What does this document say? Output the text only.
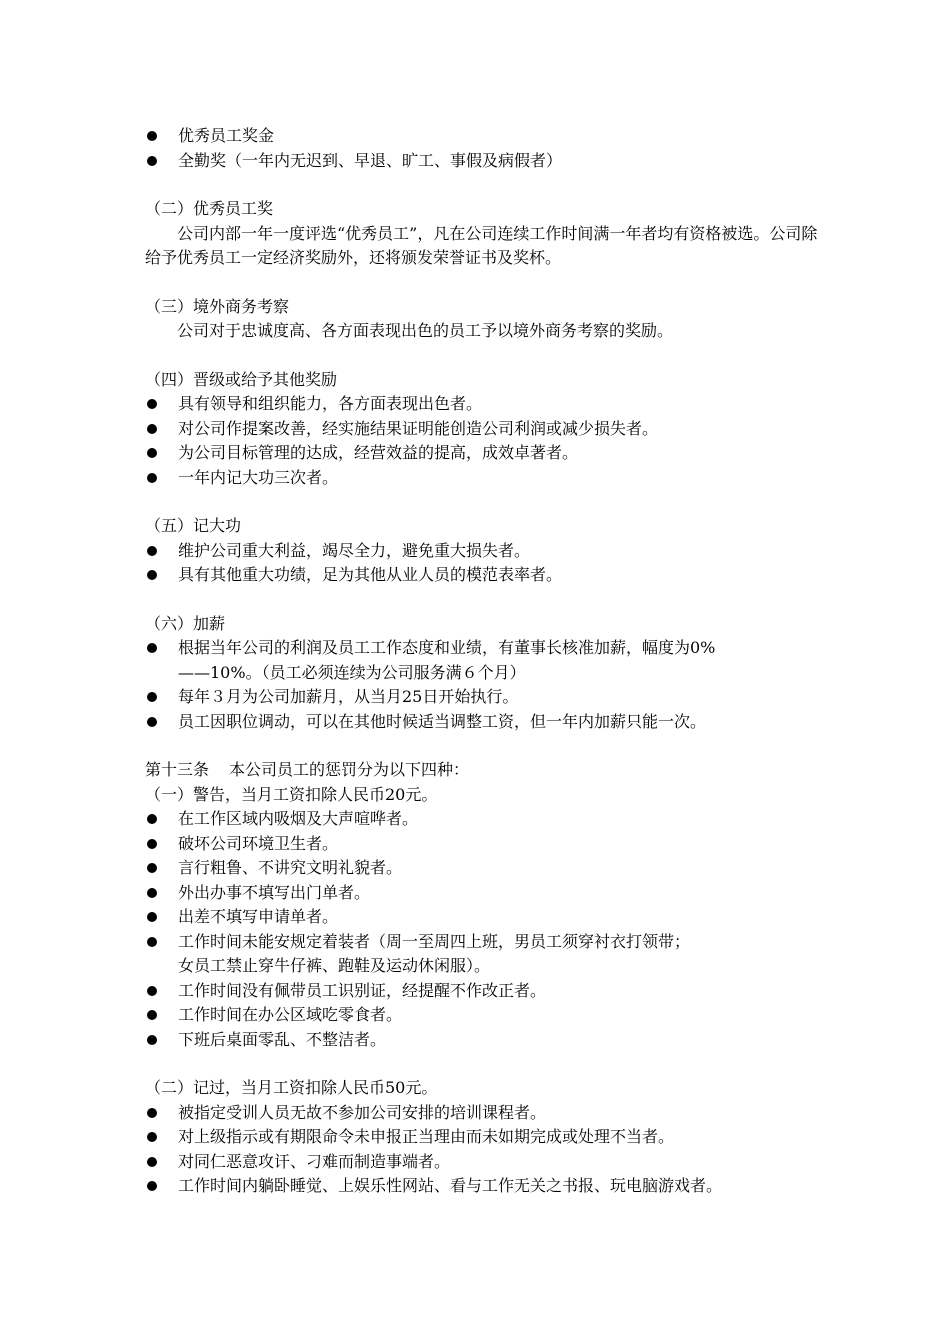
优秀员工奖金
全勤奖（一年内无迟到、早退、旷工、事假及病假者）
（二）优秀员工奖
公司内部一年一度评选“优秀员工”，凡在公司连续工作时间满一年者均有资格被选。公司除给予优秀员工一定经济奖励外，还将颁发荣誉证书及奖杯。
（三）境外商务考察
公司对于忠诚度高、各方面表现出色的员工予以境外商务考察的奖励。
（四）晋级或给予其他奖励
具有领导和组织能力，各方面表现出色者。
对公司作提案改善，经实施结果证明能创造公司利润或减少损失者。
为公司目标管理的达成，经营效益的提高，成效卓著者。
一年内记大功三次者。
（五）记大功
维护公司重大利益，竭尽全力，避免重大损失者。
具有其他重大功绩，足为其他从业人员的模范表率者。
（六）加薪
根据当年公司的利润及员工工作态度和业绩，有董事长核准加薪，幅度为0%
——10%。（员工必须连续为公司服务满６个月）
每年３月为公司加薪月，从当月25日开始执行。
员工因职位调动，可以在其他时候适当调整工资，但一年内加薪只能一次。
第十三条 本公司员工的惩罚分为以下四种：
（一）警告，当月工资扣除人民币20元。
在工作区域内吸烟及大声喧哗者。
破坏公司环境卫生者。
言行粗鲁、不讲究文明礼貌者。
外出办事不填写出门单者。
出差不填写申请单者。
工作时间未能安规定着装者（周一至周四上班，男员工须穿衬衣打领带；
女员工禁止穿牛仔裤、跑鞋及运动休闲服）。
工作时间没有佩带员工识别证，经提醒不作改正者。
工作时间在办公区域吃零食者。
下班后桌面零乱、不整洁者。
（二）记过，当月工资扣除人民币50元。
被指定受训人员无故不参加公司安排的培训课程者。
对上级指示或有期限命令未申报正当理由而未如期完成或处理不当者。
对同仁恶意攻讦、刁难而制造事端者。
工作时间内躺卧睡觉、上娱乐性网站、看与工作无关之书报、玩电脑游戏者。
